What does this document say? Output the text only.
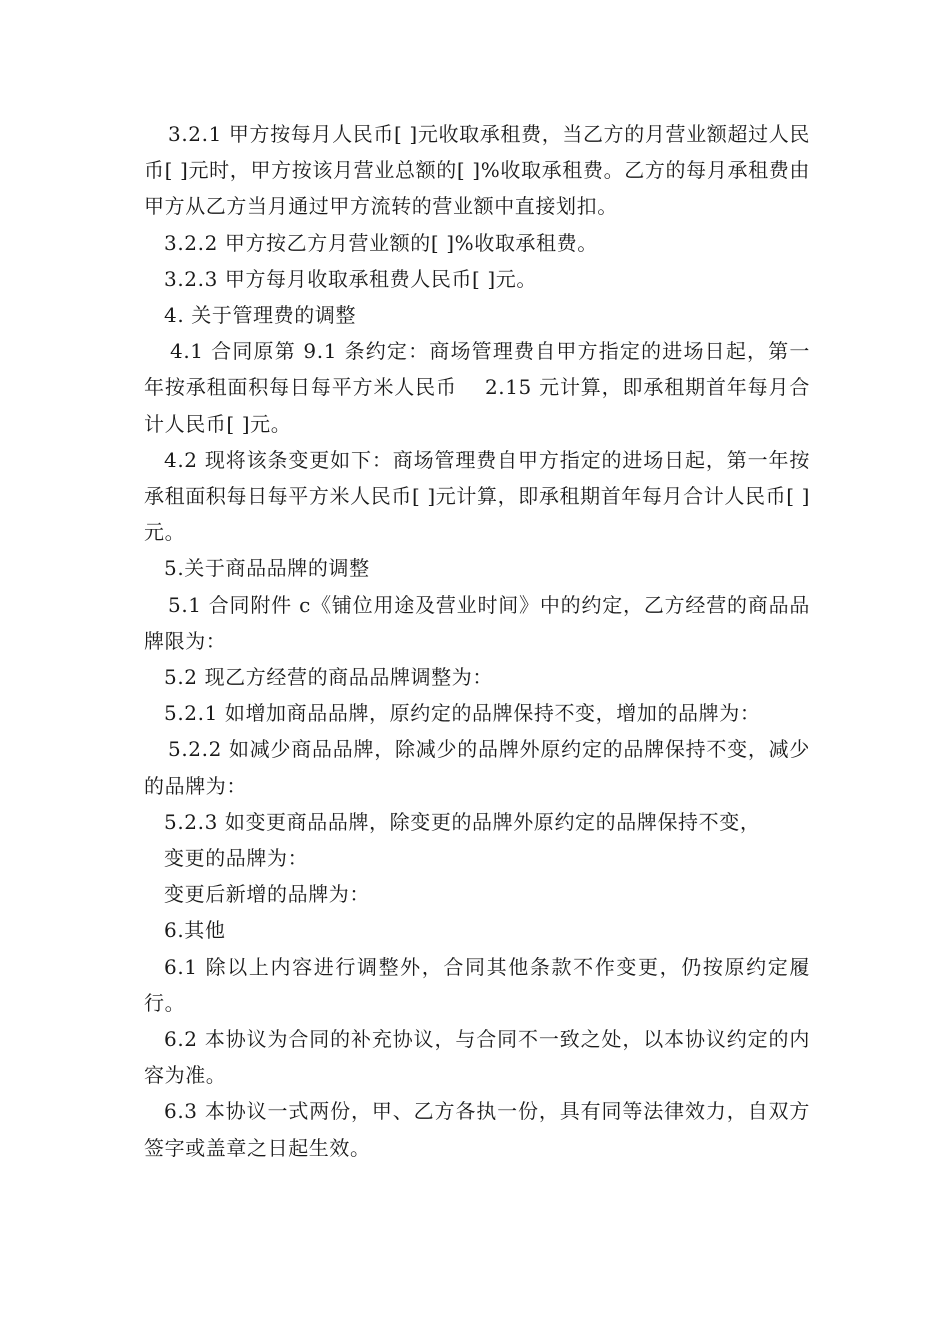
3.2.1 甲方按每月人民币[ ]元收取承租费，当乙方的月营业额超过人民币[ ]元时，甲方按该月营业总额的[ ]%收取承租费。乙方的每月承租费由甲方从乙方当月通过甲方流转的营业额中直接划扣。

3.2.2 甲方按乙方月营业额的[ ]%收取承租费。

3.2.3 甲方每月收取承租费人民币[ ]元。

4. 关于管理费的调整

4.1 合同原第 9.1 条约定：商场管理费自甲方指定的进场日起，第一年按承租面积每日每平方米人民币　 2.15 元计算，即承租期首年每月合计人民币[ ]元。

4.2 现将该条变更如下：商场管理费自甲方指定的进场日起，第一年按承租面积每日每平方米人民币[ ]元计算，即承租期首年每月合计人民币[ ]元。

5.关于商品品牌的调整

5.1 合同附件 c《铺位用途及营业时间》中的约定，乙方经营的商品品牌限为：

5.2 现乙方经营的商品品牌调整为：

5.2.1 如增加商品品牌，原约定的品牌保持不变，增加的品牌为：

5.2.2 如减少商品品牌，除减少的品牌外原约定的品牌保持不变，减少的品牌为：

5.2.3 如变更商品品牌，除变更的品牌外原约定的品牌保持不变，

变更的品牌为：

变更后新增的品牌为：

6.其他

6.1 除以上内容进行调整外，合同其他条款不作变更，仍按原约定履行。

6.2 本协议为合同的补充协议，与合同不一致之处，以本协议约定的内容为准。

6.3 本协议一式两份，甲、乙方各执一份，具有同等法律效力，自双方签字或盖章之日起生效。
